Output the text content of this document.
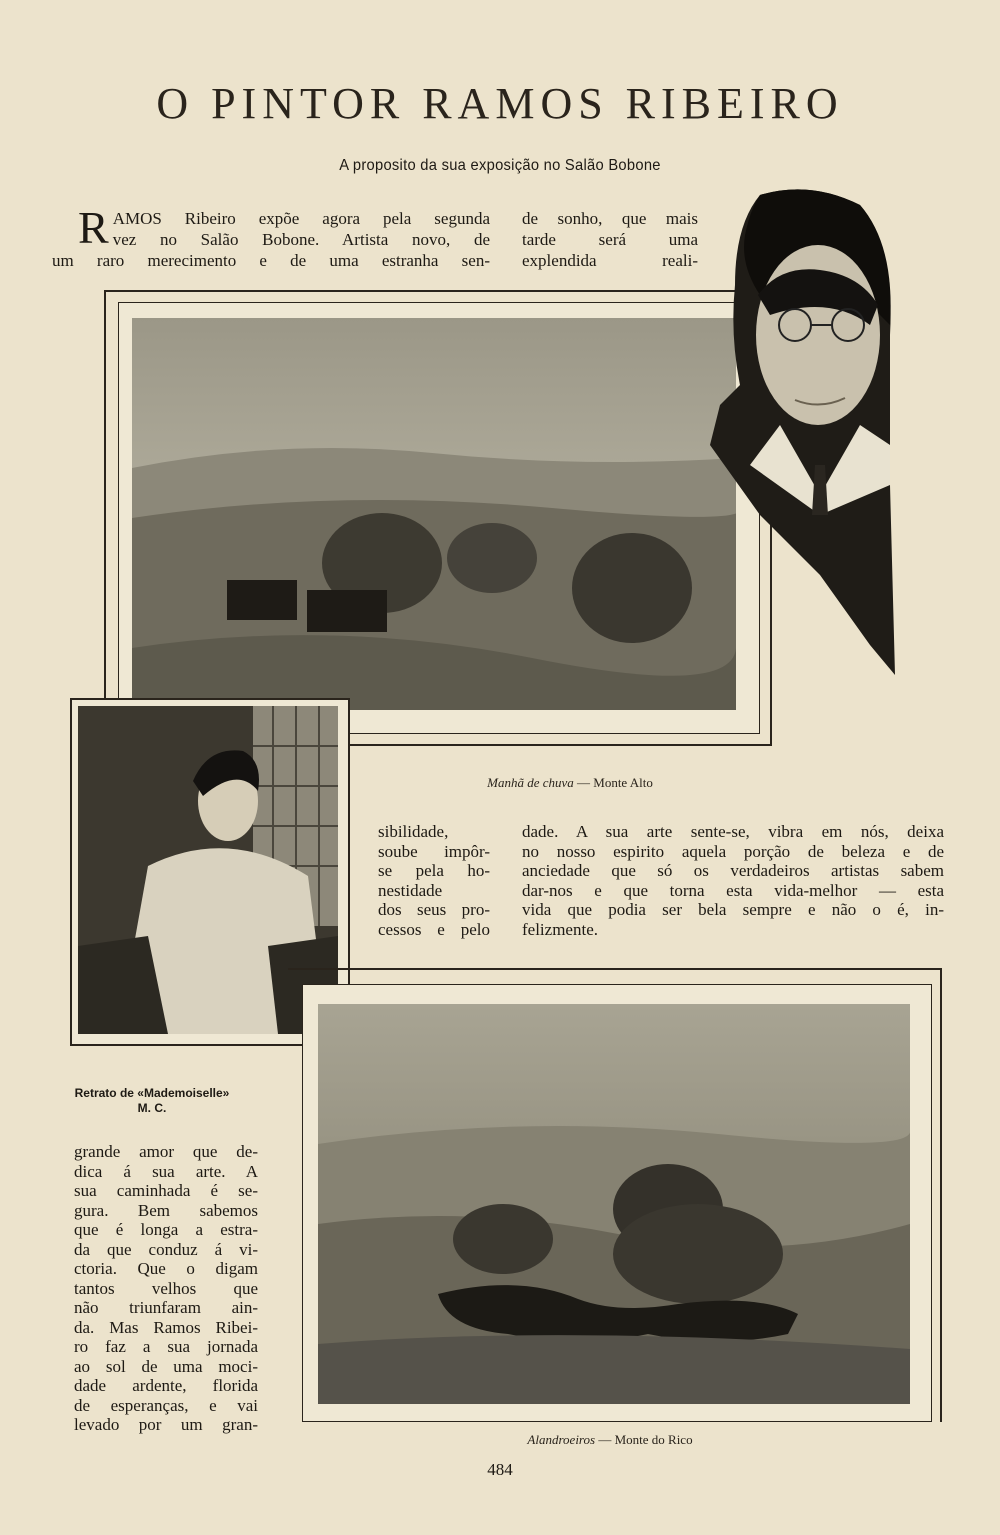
O PINTOR RAMOS RIBEIRO
A proposito da sua exposição no Salão Bobone
R AMOS Ribeiro expõe agora pela segunda
vez no Salão Bobone. Artista novo, de
um raro merecimento e de uma estranha sen-
de sonho, que mais
tarde será uma
explendida reali-
Manhã de chuva — Monte Alto
Retrato de «Mademoiselle»
M. C.
sibilidade,
soube impôr-
se pela ho-
nestidade
dos seus pro-
cessos e pelo
dade. A sua arte sente-se, vibra em nós, deixa
no nosso espirito aquela porção de beleza e de
anciedade que só os verdadeiros artistas sabem
dar-nos e que torna esta vida-melhor — esta
vida que podia ser bela sempre e não o é, in-
felizmente.
Alandroeiros — Monte do Rico
grande amor que de-
dica á sua arte. A
sua caminhada é se-
gura. Bem sabemos
que é longa a estra-
da que conduz á vi-
ctoria. Que o digam
tantos velhos que
não triunfaram ain-
da. Mas Ramos Ribei-
ro faz a sua jornada
ao sol de uma moci-
dade ardente, florida
de esperanças, e vai
levado por um gran-
484
